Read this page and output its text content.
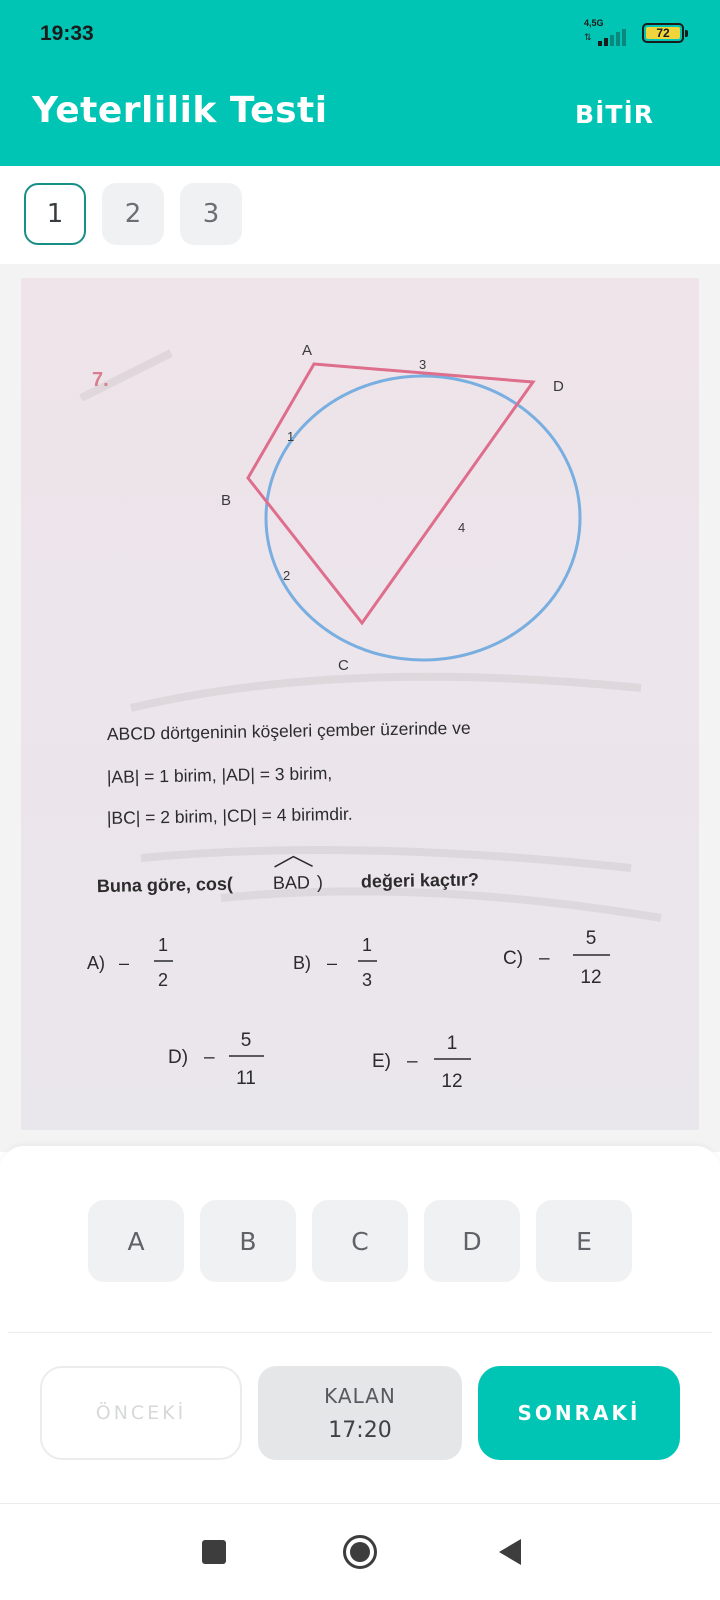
19:33	4,5G
⇅	72
Yeterlilik Testi	BİTİR
1	2	3
7.
A
D
B
C
3
1
2
4
ABCD dörtgeninin köşeleri çember üzerinde ve
|AB| = 1 birim, |AD| = 3 birim,
|BC| = 2 birim, |CD| = 4 birimdir.
Buna göre, cos( BAD ) değeri kaçtır?
A) –
1
2
B) –
1
3
C) –
5
12
D) –
5
11
E) –
1
12
A	B	C	D	E
ÖNCEKİ
KALAN
17:20
SONRAKİ
